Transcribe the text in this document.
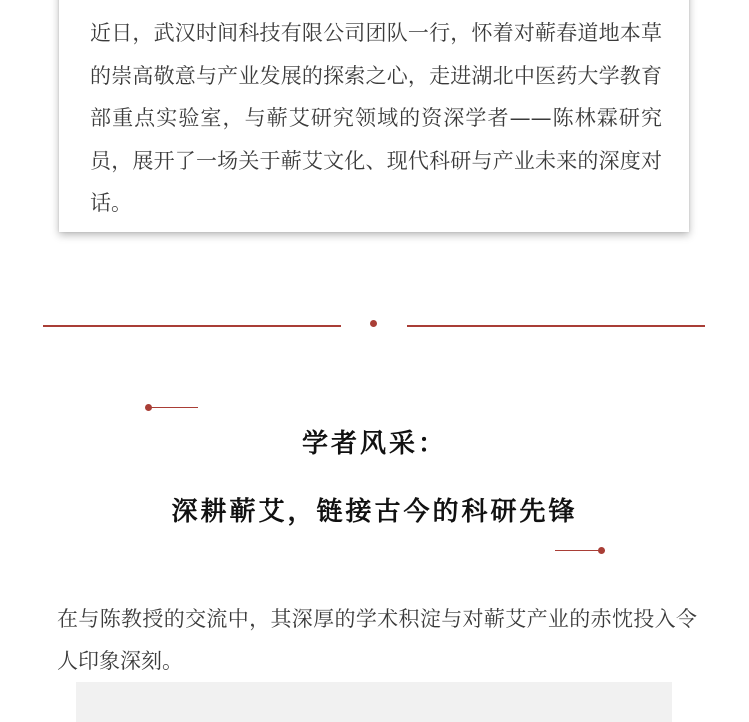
近日，武汉时间科技有限公司团队一行，怀着对蕲春道地本草的崇高敬意与产业发展的探索之心，走进湖北中医药大学教育部重点实验室，与蕲艾研究领域的资深学者——陈林霖研究员，展开了一场关于蕲艾文化、现代科研与产业未来的深度对话。

学者风采：
深耕蕲艾，链接古今的科研先锋

在与陈教授的交流中，其深厚的学术积淀与对蕲艾产业的赤忱投入令人印象深刻。
